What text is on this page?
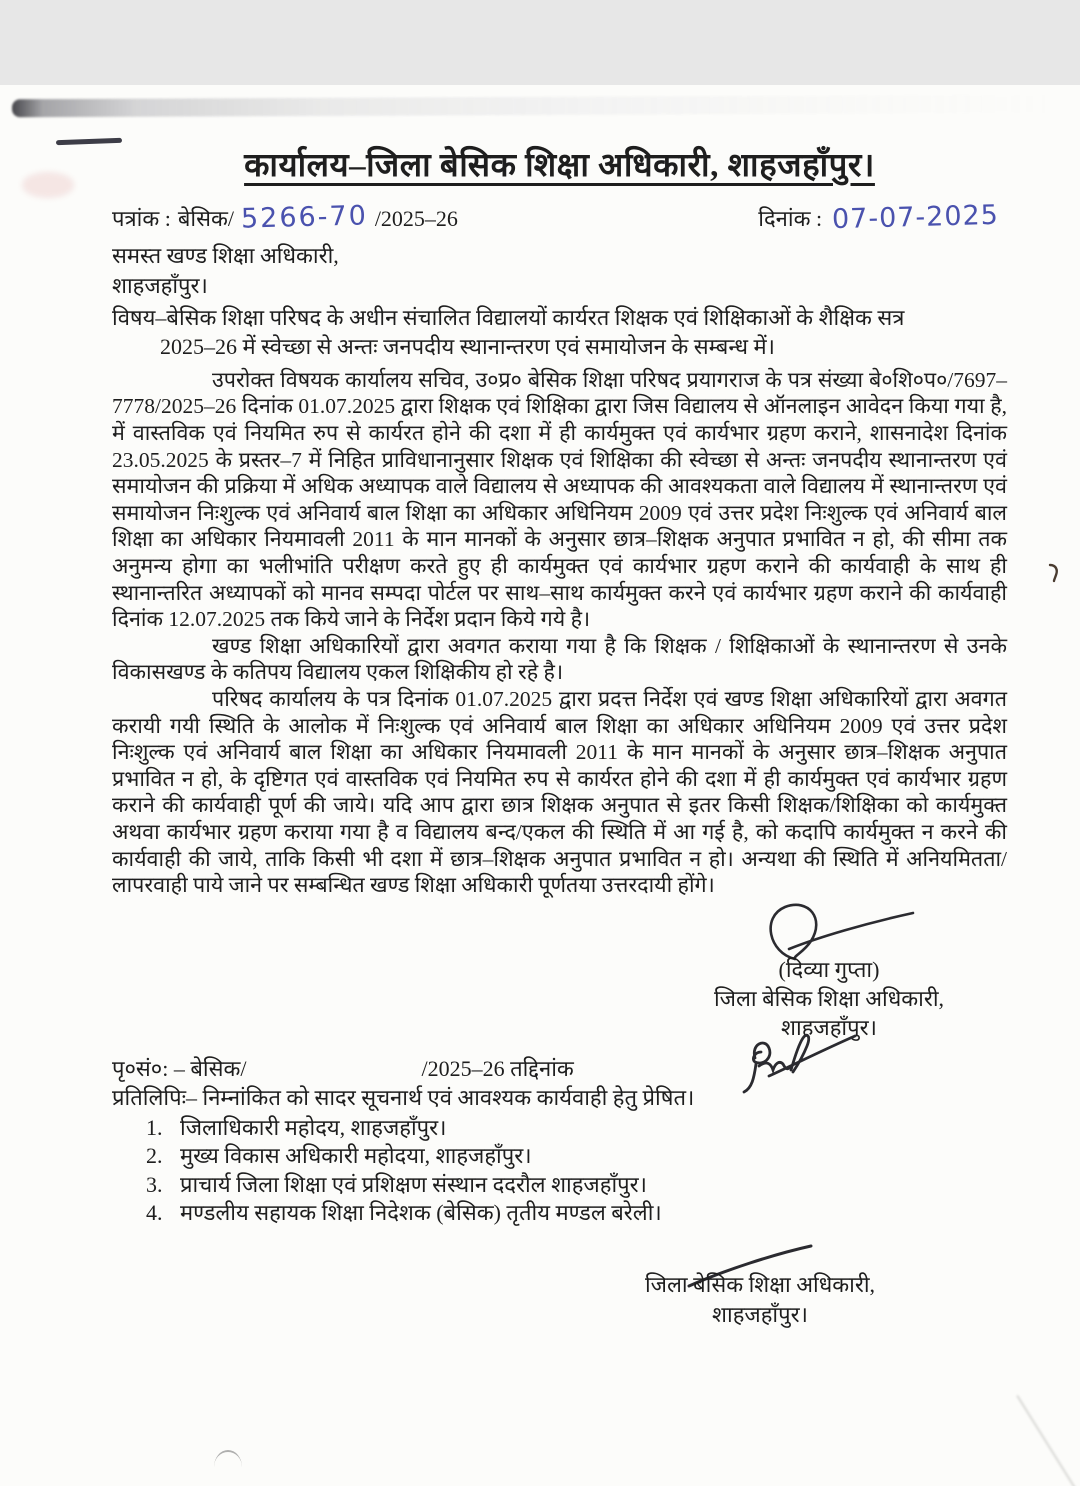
कार्यालय–जिला बेसिक शिक्षा अधिकारी, शाहजहाँपुर।
पत्रांक : बेसिक/ 5266-70 /2025–26	दिनांक : 07-07-2025
समस्त खण्ड शिक्षा अधिकारी,
शाहजहाँपुर।
विषय–बेसिक शिक्षा परिषद के अधीन संचालित विद्यालयों कार्यरत शिक्षक एवं शिक्षिकाओं के शैक्षिक सत्र
2025–26 में स्वेच्छा से अन्तः जनपदीय स्थानान्तरण एवं समायोजन के सम्बन्ध में।

उपरोक्त विषयक कार्यालय सचिव, उ०प्र० बेसिक शिक्षा परिषद प्रयागराज के पत्र संख्या बे०शि०प०/7697–7778/2025–26 दिनांक 01.07.2025 द्वारा शिक्षक एवं शिक्षिका द्वारा जिस विद्यालय से ऑनलाइन आवेदन किया गया है, में वास्तविक एवं नियमित रुप से कार्यरत होने की दशा में ही कार्यमुक्त एवं कार्यभार ग्रहण कराने, शासनादेश दिनांक 23.05.2025 के प्रस्तर–7 में निहित प्राविधानानुसार शिक्षक एवं शिक्षिका की स्वेच्छा से अन्तः जनपदीय स्थानान्तरण एवं समायोजन की प्रक्रिया में अधिक अध्यापक वाले विद्यालय से अध्यापक की आवश्यकता वाले विद्यालय में स्थानान्तरण एवं समायोजन निःशुल्क एवं अनिवार्य बाल शिक्षा का अधिकार अधिनियम 2009 एवं उत्तर प्रदेश निःशुल्क एवं अनिवार्य बाल शिक्षा का अधिकार नियमावली 2011 के मान मानकों के अनुसार छात्र–शिक्षक अनुपात प्रभावित न हो, की सीमा तक अनुमन्य होगा का भलीभांति परीक्षण करते हुए ही कार्यमुक्त एवं कार्यभार ग्रहण कराने की कार्यवाही के साथ ही स्थानान्तरित अध्यापकों को मानव सम्पदा पोर्टल पर साथ–साथ कार्यमुक्त करने एवं कार्यभार ग्रहण कराने की कार्यवाही दिनांक 12.07.2025 तक किये जाने के निर्देश प्रदान किये गये है।

खण्ड शिक्षा अधिकारियों द्वारा अवगत कराया गया है कि शिक्षक / शिक्षिकाओं के स्थानान्तरण से उनके विकासखण्ड के कतिपय विद्यालय एकल शिक्षिकीय हो रहे है।

परिषद कार्यालय के पत्र दिनांक 01.07.2025 द्वारा प्रदत्त निर्देश एवं खण्ड शिक्षा अधिकारियों द्वारा अवगत करायी गयी स्थिति के आलोक में निःशुल्क एवं अनिवार्य बाल शिक्षा का अधिकार अधिनियम 2009 एवं उत्तर प्रदेश निःशुल्क एवं अनिवार्य बाल शिक्षा का अधिकार नियमावली 2011 के मान मानकों के अनुसार छात्र–शिक्षक अनुपात प्रभावित न हो, के दृष्टिगत एवं वास्तविक एवं नियमित रुप से कार्यरत होने की दशा में ही कार्यमुक्त एवं कार्यभार ग्रहण कराने की कार्यवाही पूर्ण की जाये। यदि आप द्वारा छात्र शिक्षक अनुपात से इतर किसी शिक्षक/शिक्षिका को कार्यमुक्त अथवा कार्यभार ग्रहण कराया गया है व विद्यालय बन्द/एकल की स्थिति में आ गई है, को कदापि कार्यमुक्त न करने की कार्यवाही की जाये, ताकि किसी भी दशा में छात्र–शिक्षक अनुपात प्रभावित न हो। अन्यथा की स्थिति में अनियमितता/लापरवाही पाये जाने पर सम्बन्धित खण्ड शिक्षा अधिकारी पूर्णतया उत्तरदायी होंगे।

(दिव्या गुप्ता)
जिला बेसिक शिक्षा अधिकारी,
शाहजहाँपुर।
पृ०सं०: – बेसिक/	/2025–26 तद्दिनांक
प्रतिलिपिः– निम्नांकित को सादर सूचनार्थ एवं आवश्यक कार्यवाही हेतु प्रेषित।
1. जिलाधिकारी महोदय, शाहजहाँपुर।
2. मुख्य विकास अधिकारी महोदया, शाहजहाँपुर।
3. प्राचार्य जिला शिक्षा एवं प्रशिक्षण संस्थान ददरौल शाहजहाँपुर।
4. मण्डलीय सहायक शिक्षा निदेशक (बेसिक) तृतीय मण्डल बरेली।
जिला बेसिक शिक्षा अधिकारी,
शाहजहाँपुर।
